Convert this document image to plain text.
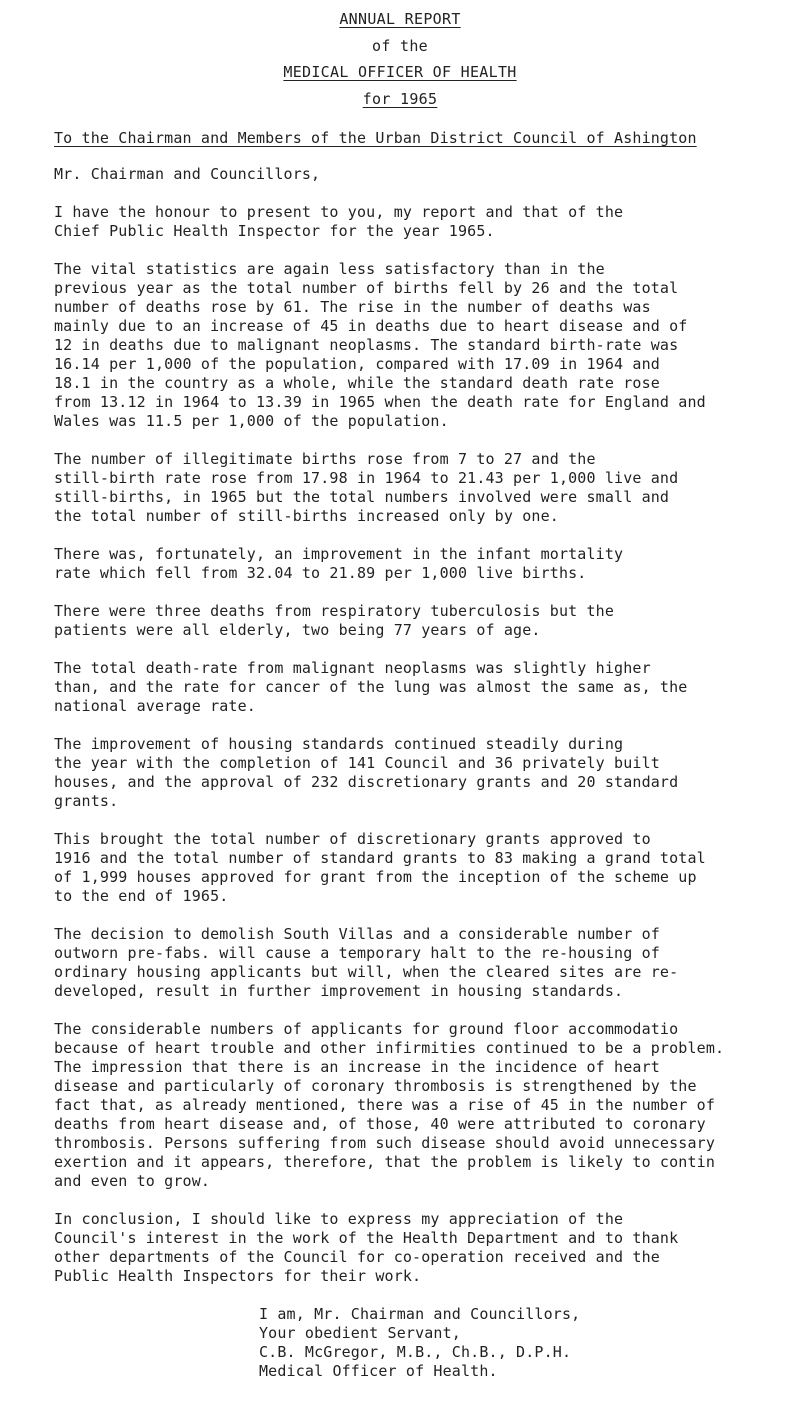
ANNUAL REPORT
of the
MEDICAL OFFICER OF HEALTH
for 1965

To the Chairman and Members of the Urban District Council of Ashington

Mr. Chairman and Councillors,

I have the honour to present to you, my report and that of the
Chief Public Health Inspector for the year 1965.

The vital statistics are again less satisfactory than in the
previous year as the total number of births fell by 26 and the total
number of deaths rose by 61. The rise in the number of deaths was
mainly due to an increase of 45 in deaths due to heart disease and of
12 in deaths due to malignant neoplasms. The standard birth-rate was
16.14 per 1,000 of the population, compared with 17.09 in 1964 and
18.1 in the country as a whole, while the standard death rate rose
from 13.12 in 1964 to 13.39 in 1965 when the death rate for England and
Wales was 11.5 per 1,000 of the population.

The number of illegitimate births rose from 7 to 27 and the
still-birth rate rose from 17.98 in 1964 to 21.43 per 1,000 live and
still-births, in 1965 but the total numbers involved were small and
the total number of still-births increased only by one.

There was, fortunately, an improvement in the infant mortality
rate which fell from 32.04 to 21.89 per 1,000 live births.

There were three deaths from respiratory tuberculosis but the
patients were all elderly, two being 77 years of age.

The total death-rate from malignant neoplasms was slightly higher
than, and the rate for cancer of the lung was almost the same as, the
national average rate.

The improvement of housing standards continued steadily during
the year with the completion of 141 Council and 36 privately built
houses, and the approval of 232 discretionary grants and 20 standard
grants.

This brought the total number of discretionary grants approved to
1916 and the total number of standard grants to 83 making a grand total
of 1,999 houses approved for grant from the inception of the scheme up
to the end of 1965.

The decision to demolish South Villas and a considerable number of
outworn pre-fabs. will cause a temporary halt to the re-housing of
ordinary housing applicants but will, when the cleared sites are re-
developed, result in further improvement in housing standards.

The considerable numbers of applicants for ground floor accommodatio
because of heart trouble and other infirmities continued to be a problem.
The impression that there is an increase in the incidence of heart
disease and particularly of coronary thrombosis is strengthened by the
fact that, as already mentioned, there was a rise of 45 in the number of
deaths from heart disease and, of those, 40 were attributed to coronary
thrombosis. Persons suffering from such disease should avoid unnecessary
exertion and it appears, therefore, that the problem is likely to contin
and even to grow.

In conclusion, I should like to express my appreciation of the
Council's interest in the work of the Health Department and to thank
other departments of the Council for co-operation received and the
Public Health Inspectors for their work.

I am, Mr. Chairman and Councillors,
Your obedient Servant,
C.B. McGregor, M.B., Ch.B., D.P.H.
Medical Officer of Health.
